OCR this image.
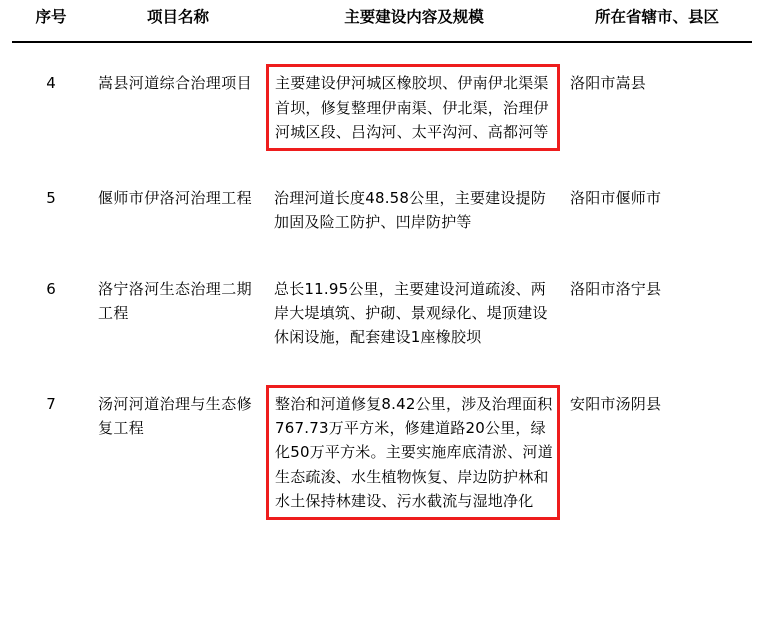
序号	项目名称	主要建设内容及规模	所在省辖市、县区

4	嵩县河道综合治理项目	主要建设伊河城区橡胶坝、伊南伊北渠渠首坝，修复整理伊南渠、伊北渠，治理伊河城区段、吕沟河、太平沟河、高都河等	洛阳市嵩县

5	偃师市伊洛河治理工程	治理河道长度48.58公里，主要建设提防加固及险工防护、凹岸防护等	洛阳市偃师市

6	洛宁洛河生态治理二期工程	总长11.95公里，主要建设河道疏浚、两岸大堤填筑、护砌、景观绿化、堤顶建设休闲设施，配套建设1座橡胶坝	洛阳市洛宁县

7	汤河河道治理与生态修复工程	整治和河道修复8.42公里，涉及治理面积767.73万平方米，修建道路20公里，绿化50万平方米。主要实施库底清淤、河道生态疏浚、水生植物恢复、岸边防护林和水土保持林建设、污水截流与湿地净化	安阳市汤阴县
